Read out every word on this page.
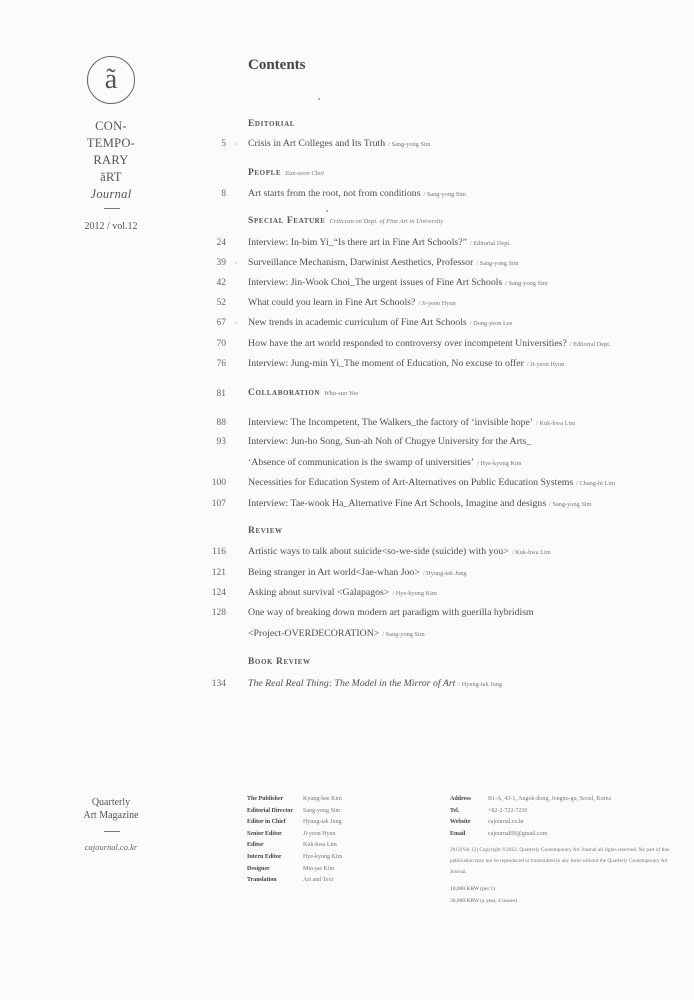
ã
CON-
TEMPO-
RARY
ãRT
Journal
2012 / vol.12
Quarterly
Art Magazine
cajournal.co.kr
Contents
Editorial
5 > Crisis in Art Colleges and Its Truth / Sang-yong Sim
People Eun-seon Choi
8 Art starts from the root, not from conditions / Sang-yong Sim
Special Feature Criticism on Dept. of Fine Art in University
24 Interview: In-bim Yi_“Is there art in Fine Art Schools?” / Editorial Dept.
39 > Surveillance Mechanism, Darwinist Aesthetics, Professor / Sang-yong Sim
42 Interview: Jin-Wook Choi_The urgent issues of Fine Art Schools / Sang-yong Sim
52 What could you learn in Fine Art Schools? / Ji-yeon Hyun
67 > New trends in academic curriculum of Fine Art Schools / Dong-yeon Lee
70 How have the art world responded to controversy over incompetent Universities? / Editorial Dept.
76 Interview: Jung-min Yi_The moment of Education, No excuse to offer / Ji-yeon Hyun
81 Collaboration Wha-sun Yoo
88 Interview: The Incompetent, The Walkers_the factory of ‘invisible hope’ / Kuk-hwa Lim
93 Interview: Jun-ho Song, Sun-ah Noh of Chugye University for the Arts_
‘Absence of communication is the swamp of universities’ / Hye-kyung Kim
100 Necessities for Education System of Art-Alternatives on Public Education Systems / Chang-hi Lim
107 Interview: Tae-wook Ha_Alternative Fine Art Schools, Imagine and designs / Sang-yong Sim
Review
116 Artistic ways to talk about suicide<so-we-side (suicide) with you> / Kuk-hwa Lim
121 Being stranger in Art world<Jae-whan Joo> / Hyung-tak Jung
124 Asking about survival <Galapagos> / Hye-kyung Kim
128 One way of breaking down modern art paradigm with guerilla hybridism
<Project-OVERDECORATION> / Sang-yong Sim
Book Review
134 The Real Real Thing: The Model in the Mirror of Art / Hyung-tak Jung
The Publisher	Kyung-hee Kim
Editorial Director	Sang-yong Sim
Editor in Chief	Hyung-tak Jung
Senior Editor	Ji-yeon Hyun
Editor	Kuk-hwa Lim
Intern Editor	Hye-kyung Kim
Designer	Min-jae Kim
Translation	Art and Text
Address	B1-A, 43-1, Angok-dong, Jongno-gu, Seoul, Korea
Tel.	+82-2-722-7230
Website	cajournal.co.kr
Email	cajournal09@gmail.com
2012(Vol.12) Copyright ©2012. Quarterly Contemporary Art Journal all rights reserved. No part of this publication may not be reproduced or transmitted in any form without the Quarterly Contemporary Art Journal.
10,000 KRW (per 1)
30,000 KRW (a year, 4 issues)
